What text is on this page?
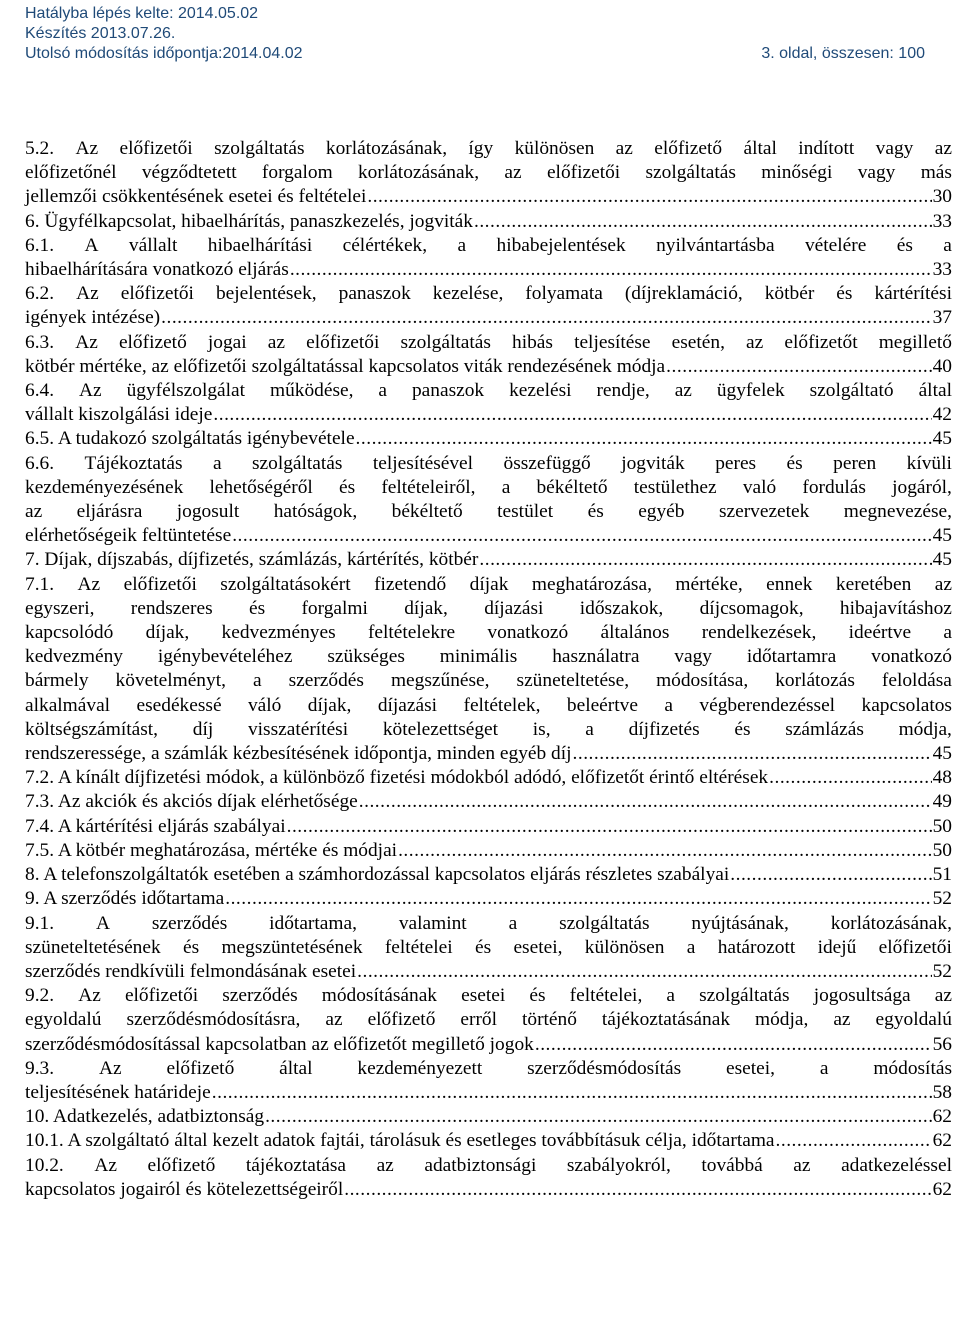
Hatályba lépés kelte: 2014.05.02
Készítés 2013.07.26.
Utolsó módosítás időpontja:2014.04.02	3. oldal, összesen: 100
5.2. Az előfizetői szolgáltatás korlátozásának, így különösen az előfizető által indított vagy az
előfizetőnél végződtetett forgalom korlátozásának, az előfizetői szolgáltatás minőségi vagy más
jellemzői csökkentésének esetei és feltételei .....	30
6. Ügyfélkapcsolat, hibaelhárítás, panaszkezelés, jogviták .....	33
6.1. A vállalt hibaelhárítási célértékek, a hibabejelentések nyilvántartásba vételére és a
hibaelhárítására vonatkozó eljárás .....	33
6.2. Az előfizetői bejelentések, panaszok kezelése, folyamata (díjreklamáció, kötbér és kártérítési
igények intézése) .....	37
6.3. Az előfizető jogai az előfizetői szolgáltatás hibás teljesítése esetén, az előfizetőt megillető
kötbér mértéke, az előfizetői szolgáltatással kapcsolatos viták rendezésének módja .....	40
6.4. Az ügyfélszolgálat működése, a panaszok kezelési rendje, az ügyfelek szolgáltató által
vállalt kiszolgálási ideje .....	42
6.5. A tudakozó szolgáltatás igénybevétele .....	45
6.6. Tájékoztatás a szolgáltatás teljesítésével összefüggő jogviták peres és peren kívüli
kezdeményezésének lehetőségéről és feltételeiről, a békéltető testülethez való fordulás jogáról,
az eljárásra jogosult hatóságok, békéltető testület és egyéb szervezetek megnevezése,
elérhetőségeik feltüntetése .....	45
7. Díjak, díjszabás, díjfizetés, számlázás, kártérítés, kötbér .....	45
7.1. Az előfizetői szolgáltatásokért fizetendő díjak meghatározása, mértéke, ennek keretében az
egyszeri, rendszeres és forgalmi díjak, díjazási időszakok, díjcsomagok, hibajavításhoz
kapcsolódó díjak, kedvezményes feltételekre vonatkozó általános rendelkezések, ideértve a
kedvezmény igénybevételéhez szükséges minimális használatra vagy időtartamra vonatkozó
bármely követelményt, a szerződés megszűnése, szüneteltetése, módosítása, korlátozás feloldása
alkalmával esedékessé váló díjak, díjazási feltételek, beleértve a végberendezéssel kapcsolatos
költségszámítást, díj visszatérítési kötelezettséget is, a díjfizetés és számlázás módja,
rendszeressége, a számlák kézbesítésének időpontja, minden egyéb díj .....	45
7.2. A kínált díjfizetési módok, a különböző fizetési módokból adódó, előfizetőt érintő eltérések .....	48
7.3. Az akciók és akciós díjak elérhetősége .....	49
7.4. A kártérítési eljárás szabályai .....	50
7.5. A kötbér meghatározása, mértéke és módjai .....	50
8. A telefonszolgáltatók esetében a számhordozással kapcsolatos eljárás részletes szabályai .....	51
9. A szerződés időtartama .....	52
9.1. A szerződés időtartama, valamint a szolgáltatás nyújtásának, korlátozásának,
szüneteltetésének és megszüntetésének feltételei és esetei, különösen a határozott idejű előfizetői
szerződés rendkívüli felmondásának esetei .....	52
9.2. Az előfizetői szerződés módosításának esetei és feltételei, a szolgáltatás jogosultsága az
egyoldalú szerződésmódosításra, az előfizető erről történő tájékoztatásának módja, az egyoldalú
szerződésmódosítással kapcsolatban az előfizetőt megillető jogok .....	56
9.3. Az előfizető által kezdeményezett szerződésmódosítás esetei, a módosítás
teljesítésének határideje .....	58
10. Adatkezelés, adatbiztonság .....	62
10.1. A szolgáltató által kezelt adatok fajtái, tárolásuk és esetleges továbbításuk célja, időtartama .....	62
10.2. Az előfizető tájékoztatása az adatbiztonsági szabályokról, továbbá az adatkezeléssel
kapcsolatos jogairól és kötelezettségeiről .....	62
